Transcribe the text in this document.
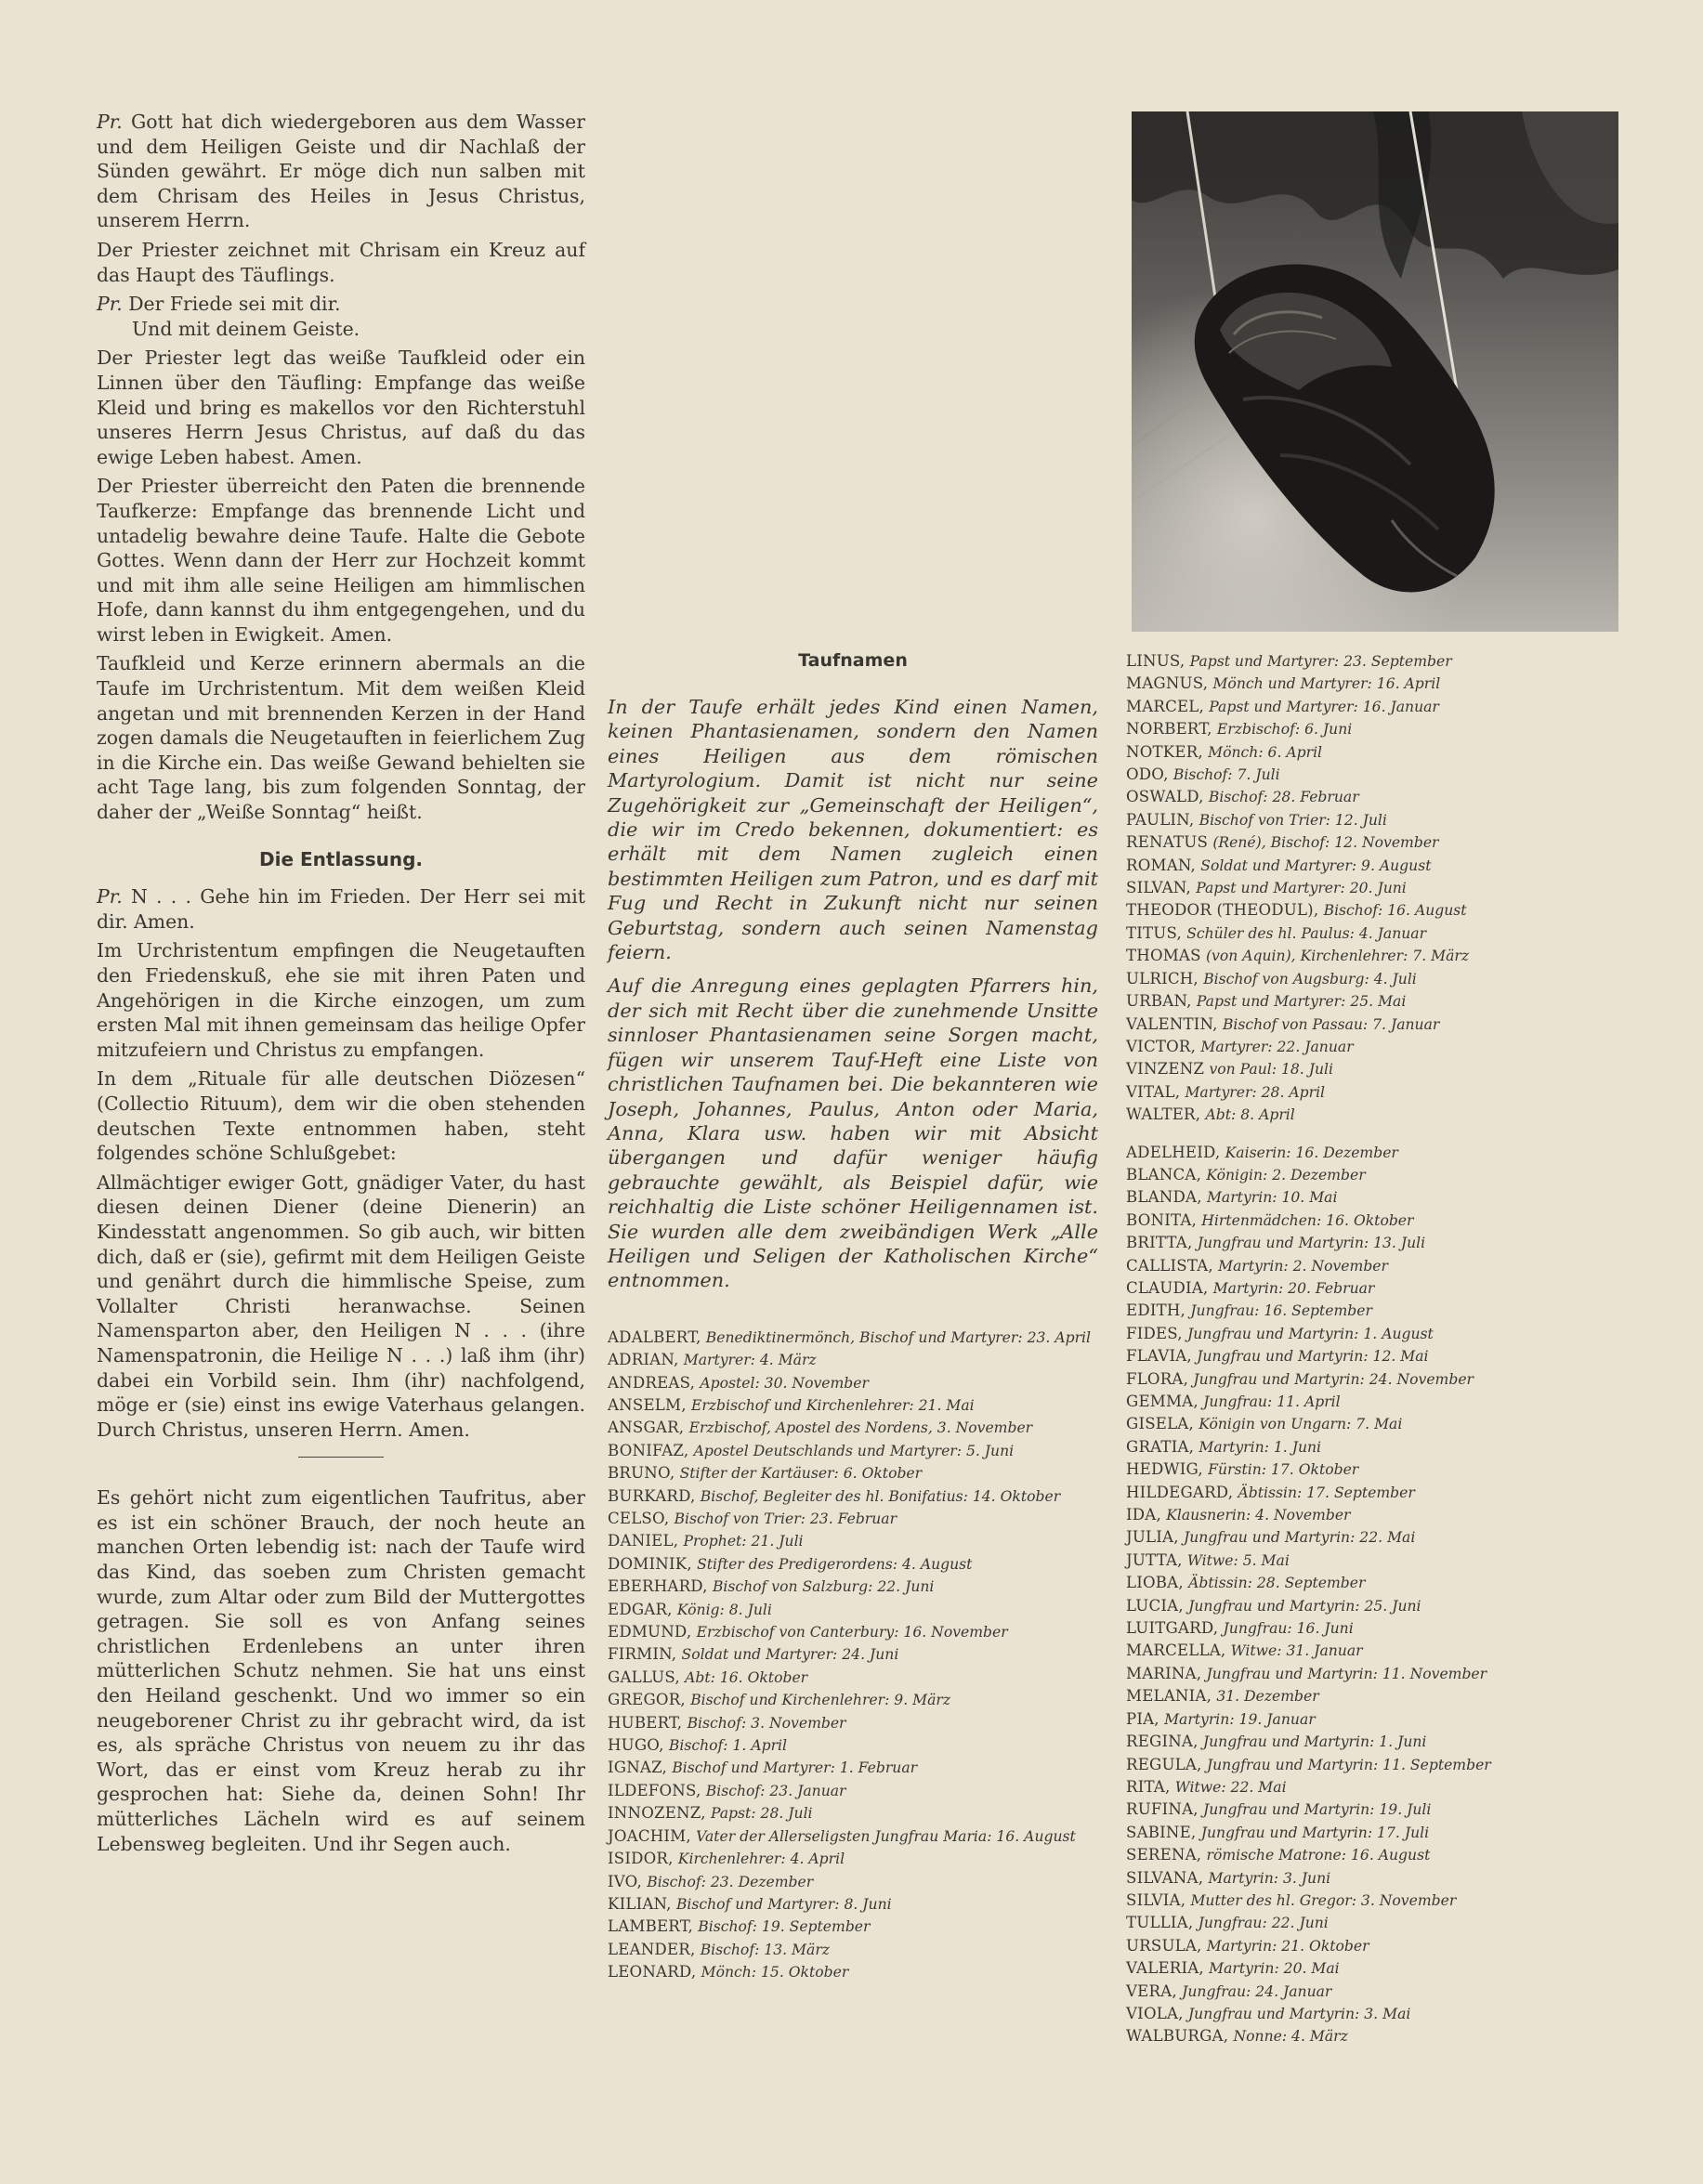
Pr. Gott hat dich wiedergeboren aus dem Wasser und dem Heiligen Geiste und dir Nachlaß der Sünden gewährt. Er möge dich nun salben mit dem Chrisam des Heiles in Jesus Christus, unserem Herrn.

Der Priester zeichnet mit Chrisam ein Kreuz auf das Haupt des Täuflings.

Pr. Der Friede sei mit dir.

Und mit deinem Geiste.

Der Priester legt das weiße Taufkleid oder ein Linnen über den Täufling: Empfange das weiße Kleid und bring es makellos vor den Richterstuhl unseres Herrn Jesus Christus, auf daß du das ewige Leben habest. Amen.

Der Priester überreicht den Paten die brennende Taufkerze: Empfange das brennende Licht und untadelig bewahre deine Taufe. Halte die Gebote Gottes. Wenn dann der Herr zur Hochzeit kommt und mit ihm alle seine Heiligen am himmlischen Hofe, dann kannst du ihm entgegengehen, und du wirst leben in Ewigkeit. Amen.

Taufkleid und Kerze erinnern abermals an die Taufe im Urchristentum. Mit dem weißen Kleid angetan und mit brennenden Kerzen in der Hand zogen damals die Neugetauften in feierlichem Zug in die Kirche ein. Das weiße Gewand behielten sie acht Tage lang, bis zum folgenden Sonntag, der daher der „Weiße Sonntag“ heißt.

Die Entlassung.

Pr. N . . . Gehe hin im Frieden. Der Herr sei mit dir. Amen.

Im Urchristentum empfingen die Neugetauften den Friedenskuß, ehe sie mit ihren Paten und Angehörigen in die Kirche einzogen, um zum ersten Mal mit ihnen gemeinsam das heilige Opfer mitzufeiern und Christus zu empfangen.

In dem „Rituale für alle deutschen Diözesen“ (Collectio Rituum), dem wir die oben stehenden deutschen Texte entnommen haben, steht folgendes schöne Schlußgebet:

Allmächtiger ewiger Gott, gnädiger Vater, du hast diesen deinen Diener (deine Dienerin) an Kindesstatt angenommen. So gib auch, wir bitten dich, daß er (sie), gefirmt mit dem Heiligen Geiste und genährt durch die himmlische Speise, zum Vollalter Christi heranwachse. Seinen Namensparton aber, den Heiligen N . . . (ihre Namenspatronin, die Heilige N . . .) laß ihm (ihr) dabei ein Vorbild sein. Ihm (ihr) nachfolgend, möge er (sie) einst ins ewige Vaterhaus gelangen. Durch Christus, unseren Herrn. Amen.

Es gehört nicht zum eigentlichen Taufritus, aber es ist ein schöner Brauch, der noch heute an manchen Orten lebendig ist: nach der Taufe wird das Kind, das soeben zum Christen gemacht wurde, zum Altar oder zum Bild der Muttergottes getragen. Sie soll es von Anfang seines christlichen Erdenlebens an unter ihren mütterlichen Schutz nehmen. Sie hat uns einst den Heiland geschenkt. Und wo immer so ein neugeborener Christ zu ihr gebracht wird, da ist es, als spräche Christus von neuem zu ihr das Wort, das er einst vom Kreuz herab zu ihr gesprochen hat: Siehe da, deinen Sohn! Ihr mütterliches Lächeln wird es auf seinem Lebensweg begleiten. Und ihr Segen auch.

Taufnamen

In der Taufe erhält jedes Kind einen Namen, keinen Phantasienamen, sondern den Namen eines Heiligen aus dem römischen Martyrologium. Damit ist nicht nur seine Zugehörigkeit zur „Gemeinschaft der Heiligen“, die wir im Credo bekennen, dokumentiert: es erhält mit dem Namen zugleich einen bestimmten Heiligen zum Patron, und es darf mit Fug und Recht in Zukunft nicht nur seinen Geburtstag, sondern auch seinen Namenstag feiern.

Auf die Anregung eines geplagten Pfarrers hin, der sich mit Recht über die zunehmende Unsitte sinnloser Phantasienamen seine Sorgen macht, fügen wir unserem Tauf-Heft eine Liste von christlichen Taufnamen bei. Die bekannteren wie Joseph, Johannes, Paulus, Anton oder Maria, Anna, Klara usw. haben wir mit Absicht übergangen und dafür weniger häufig gebrauchte gewählt, als Beispiel dafür, wie reichhaltig die Liste schöner Heiligennamen ist. Sie wurden alle dem zweibändigen Werk „Alle Heiligen und Seligen der Katholischen Kirche“ entnommen.

ADALBERT, Benediktinermönch, Bischof und Martyrer: 23. April
ADRIAN, Martyrer: 4. März
ANDREAS, Apostel: 30. November
ANSELM, Erzbischof und Kirchenlehrer: 21. Mai
ANSGAR, Erzbischof, Apostel des Nordens, 3. November
BONIFAZ, Apostel Deutschlands und Martyrer: 5. Juni
BRUNO, Stifter der Kartäuser: 6. Oktober
BURKARD, Bischof, Begleiter des hl. Bonifatius: 14. Oktober
CELSO, Bischof von Trier: 23. Februar
DANIEL, Prophet: 21. Juli
DOMINIK, Stifter des Predigerordens: 4. August
EBERHARD, Bischof von Salzburg: 22. Juni
EDGAR, König: 8. Juli
EDMUND, Erzbischof von Canterbury: 16. November
FIRMIN, Soldat und Martyrer: 24. Juni
GALLUS, Abt: 16. Oktober
GREGOR, Bischof und Kirchenlehrer: 9. März
HUBERT, Bischof: 3. November
HUGO, Bischof: 1. April
IGNAZ, Bischof und Martyrer: 1. Februar
ILDEFONS, Bischof: 23. Januar
INNOZENZ, Papst: 28. Juli
JOACHIM, Vater der Allerseligsten Jungfrau Maria: 16. August
ISIDOR, Kirchenlehrer: 4. April
IVO, Bischof: 23. Dezember
KILIAN, Bischof und Martyrer: 8. Juni
LAMBERT, Bischof: 19. September
LEANDER, Bischof: 13. März
LEONARD, Mönch: 15. Oktober
LINUS, Papst und Martyrer: 23. September
MAGNUS, Mönch und Martyrer: 16. April
MARCEL, Papst und Martyrer: 16. Januar
NORBERT, Erzbischof: 6. Juni
NOTKER, Mönch: 6. April
ODO, Bischof: 7. Juli
OSWALD, Bischof: 28. Februar
PAULIN, Bischof von Trier: 12. Juli
RENATUS (René), Bischof: 12. November
ROMAN, Soldat und Martyrer: 9. August
SILVAN, Papst und Martyrer: 20. Juni
THEODOR (THEODUL), Bischof: 16. August
TITUS, Schüler des hl. Paulus: 4. Januar
THOMAS (von Aquin), Kirchenlehrer: 7. März
ULRICH, Bischof von Augsburg: 4. Juli
URBAN, Papst und Martyrer: 25. Mai
VALENTIN, Bischof von Passau: 7. Januar
VICTOR, Martyrer: 22. Januar
VINZENZ von Paul: 18. Juli
VITAL, Martyrer: 28. April
WALTER, Abt: 8. April
ADELHEID, Kaiserin: 16. Dezember
BLANCA, Königin: 2. Dezember
BLANDA, Martyrin: 10. Mai
BONITA, Hirtenmädchen: 16. Oktober
BRITTA, Jungfrau und Martyrin: 13. Juli
CALLISTA, Martyrin: 2. November
CLAUDIA, Martyrin: 20. Februar
EDITH, Jungfrau: 16. September
FIDES, Jungfrau und Martyrin: 1. August
FLAVIA, Jungfrau und Martyrin: 12. Mai
FLORA, Jungfrau und Martyrin: 24. November
GEMMA, Jungfrau: 11. April
GISELA, Königin von Ungarn: 7. Mai
GRATIA, Martyrin: 1. Juni
HEDWIG, Fürstin: 17. Oktober
HILDEGARD, Äbtissin: 17. September
IDA, Klausnerin: 4. November
JULIA, Jungfrau und Martyrin: 22. Mai
JUTTA, Witwe: 5. Mai
LIOBA, Äbtissin: 28. September
LUCIA, Jungfrau und Martyrin: 25. Juni
LUITGARD, Jungfrau: 16. Juni
MARCELLA, Witwe: 31. Januar
MARINA, Jungfrau und Martyrin: 11. November
MELANIA, 31. Dezember
PIA, Martyrin: 19. Januar
REGINA, Jungfrau und Martyrin: 1. Juni
REGULA, Jungfrau und Martyrin: 11. September
RITA, Witwe: 22. Mai
RUFINA, Jungfrau und Martyrin: 19. Juli
SABINE, Jungfrau und Martyrin: 17. Juli
SERENA, römische Matrone: 16. August
SILVANA, Martyrin: 3. Juni
SILVIA, Mutter des hl. Gregor: 3. November
TULLIA, Jungfrau: 22. Juni
URSULA, Martyrin: 21. Oktober
VALERIA, Martyrin: 20. Mai
VERA, Jungfrau: 24. Januar
VIOLA, Jungfrau und Martyrin: 3. Mai
WALBURGA, Nonne: 4. März
